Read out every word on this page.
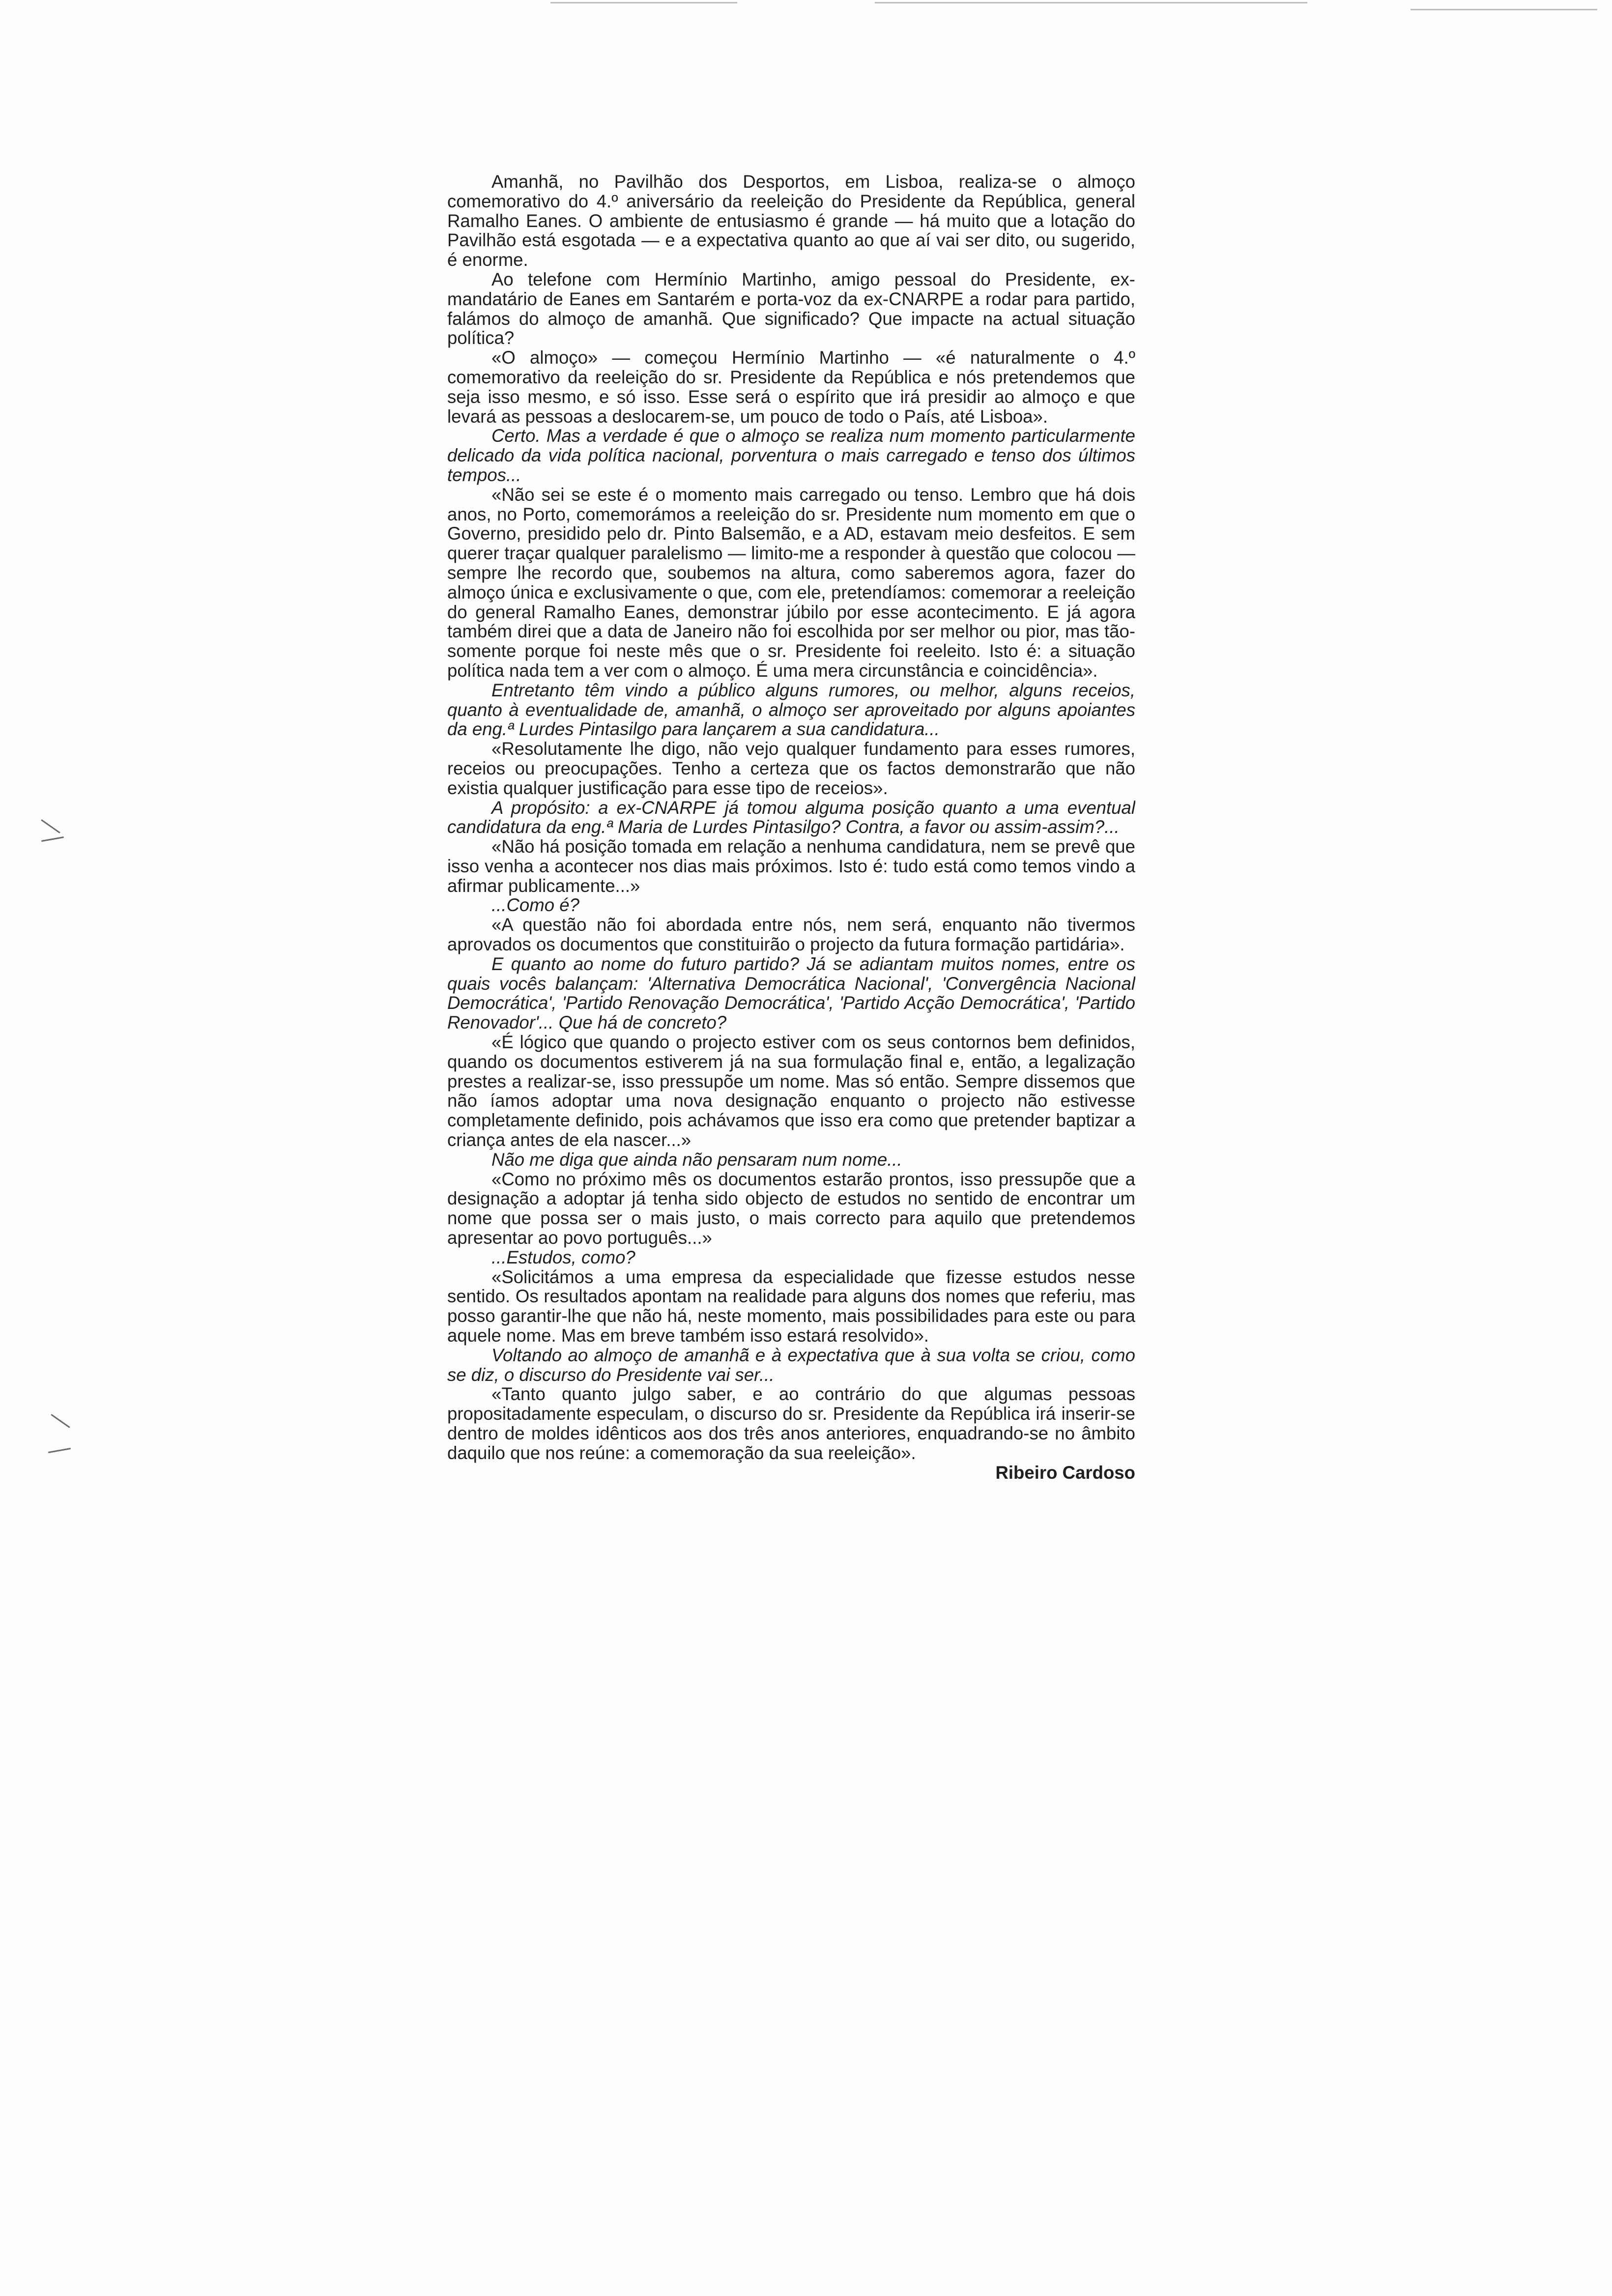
Amanhã, no Pavilhão dos Desportos, em Lisboa, realiza-se o almoço comemorativo do 4.º aniversário da reeleição do Presidente da República, general Ramalho Eanes. O ambiente de entusiasmo é grande — há muito que a lotação do Pavilhão está esgotada — e a expectativa quanto ao que aí vai ser dito, ou sugerido, é enorme.

Ao telefone com Hermínio Martinho, amigo pessoal do Presidente, ex-mandatário de Eanes em Santarém e porta-voz da ex-CNARPE a rodar para partido, falámos do almoço de amanhã. Que significado? Que impacte na actual situação política?

«O almoço» — começou Hermínio Martinho — «é naturalmente o 4.º comemorativo da reeleição do sr. Presidente da República e nós pretendemos que seja isso mesmo, e só isso. Esse será o espírito que irá presidir ao almoço e que levará as pessoas a deslocarem-se, um pouco de todo o País, até Lisboa».

Certo. Mas a verdade é que o almoço se realiza num momento particularmente delicado da vida política nacional, porventura o mais carregado e tenso dos últimos tempos...

«Não sei se este é o momento mais carregado ou tenso. Lembro que há dois anos, no Porto, comemorámos a reeleição do sr. Presidente num momento em que o Governo, presidido pelo dr. Pinto Balsemão, e a AD, estavam meio desfeitos. E sem querer traçar qualquer paralelismo — limito-me a responder à questão que colocou — sempre lhe recordo que, soubemos na altura, como saberemos agora, fazer do almoço única e exclusivamente o que, com ele, pretendíamos: comemorar a reeleição do general Ramalho Eanes, demonstrar júbilo por esse acontecimento. E já agora também direi que a data de Janeiro não foi escolhida por ser melhor ou pior, mas tão-somente porque foi neste mês que o sr. Presidente foi reeleito. Isto é: a situação política nada tem a ver com o almoço. É uma mera circunstância e coincidência».

Entretanto têm vindo a público alguns rumores, ou melhor, alguns receios, quanto à eventualidade de, amanhã, o almoço ser aproveitado por alguns apoiantes da eng.ª Lurdes Pintasilgo para lançarem a sua candidatura...

«Resolutamente lhe digo, não vejo qualquer fundamento para esses rumores, receios ou preocupações. Tenho a certeza que os factos demonstrarão que não existia qualquer justificação para esse tipo de receios».

A propósito: a ex-CNARPE já tomou alguma posição quanto a uma eventual candidatura da eng.ª Maria de Lurdes Pintasilgo? Contra, a favor ou assim-assim?...

«Não há posição tomada em relação a nenhuma candidatura, nem se prevê que isso venha a acontecer nos dias mais próximos. Isto é: tudo está como temos vindo a afirmar publicamente...»

...Como é?

«A questão não foi abordada entre nós, nem será, enquanto não tivermos aprovados os documentos que constituirão o projecto da futura formação partidária».

E quanto ao nome do futuro partido? Já se adiantam muitos nomes, entre os quais vocês balançam: 'Alternativa Democrática Nacional', 'Convergência Nacional Democrática', 'Partido Renovação Democrática', 'Partido Acção Democrática', 'Partido Renovador'... Que há de concreto?

«É lógico que quando o projecto estiver com os seus contornos bem definidos, quando os documentos estiverem já na sua formulação final e, então, a legalização prestes a realizar-se, isso pressupõe um nome. Mas só então. Sempre dissemos que não íamos adoptar uma nova designação enquanto o projecto não estivesse completamente definido, pois achávamos que isso era como que pretender baptizar a criança antes de ela nascer...»

Não me diga que ainda não pensaram num nome...

«Como no próximo mês os documentos estarão prontos, isso pressupõe que a designação a adoptar já tenha sido objecto de estudos no sentido de encontrar um nome que possa ser o mais justo, o mais correcto para aquilo que pretendemos apresentar ao povo português...»

...Estudos, como?

«Solicitámos a uma empresa da especialidade que fizesse estudos nesse sentido. Os resultados apontam na realidade para alguns dos nomes que referiu, mas posso garantir-lhe que não há, neste momento, mais possibilidades para este ou para aquele nome. Mas em breve também isso estará resolvido».

Voltando ao almoço de amanhã e à expectativa que à sua volta se criou, como se diz, o discurso do Presidente vai ser...

«Tanto quanto julgo saber, e ao contrário do que algumas pessoas propositadamente especulam, o discurso do sr. Presidente da República irá inserir-se dentro de moldes idênticos aos dos três anos anteriores, enquadrando-se no âmbito daquilo que nos reúne: a comemoração da sua reeleição».

Ribeiro Cardoso
